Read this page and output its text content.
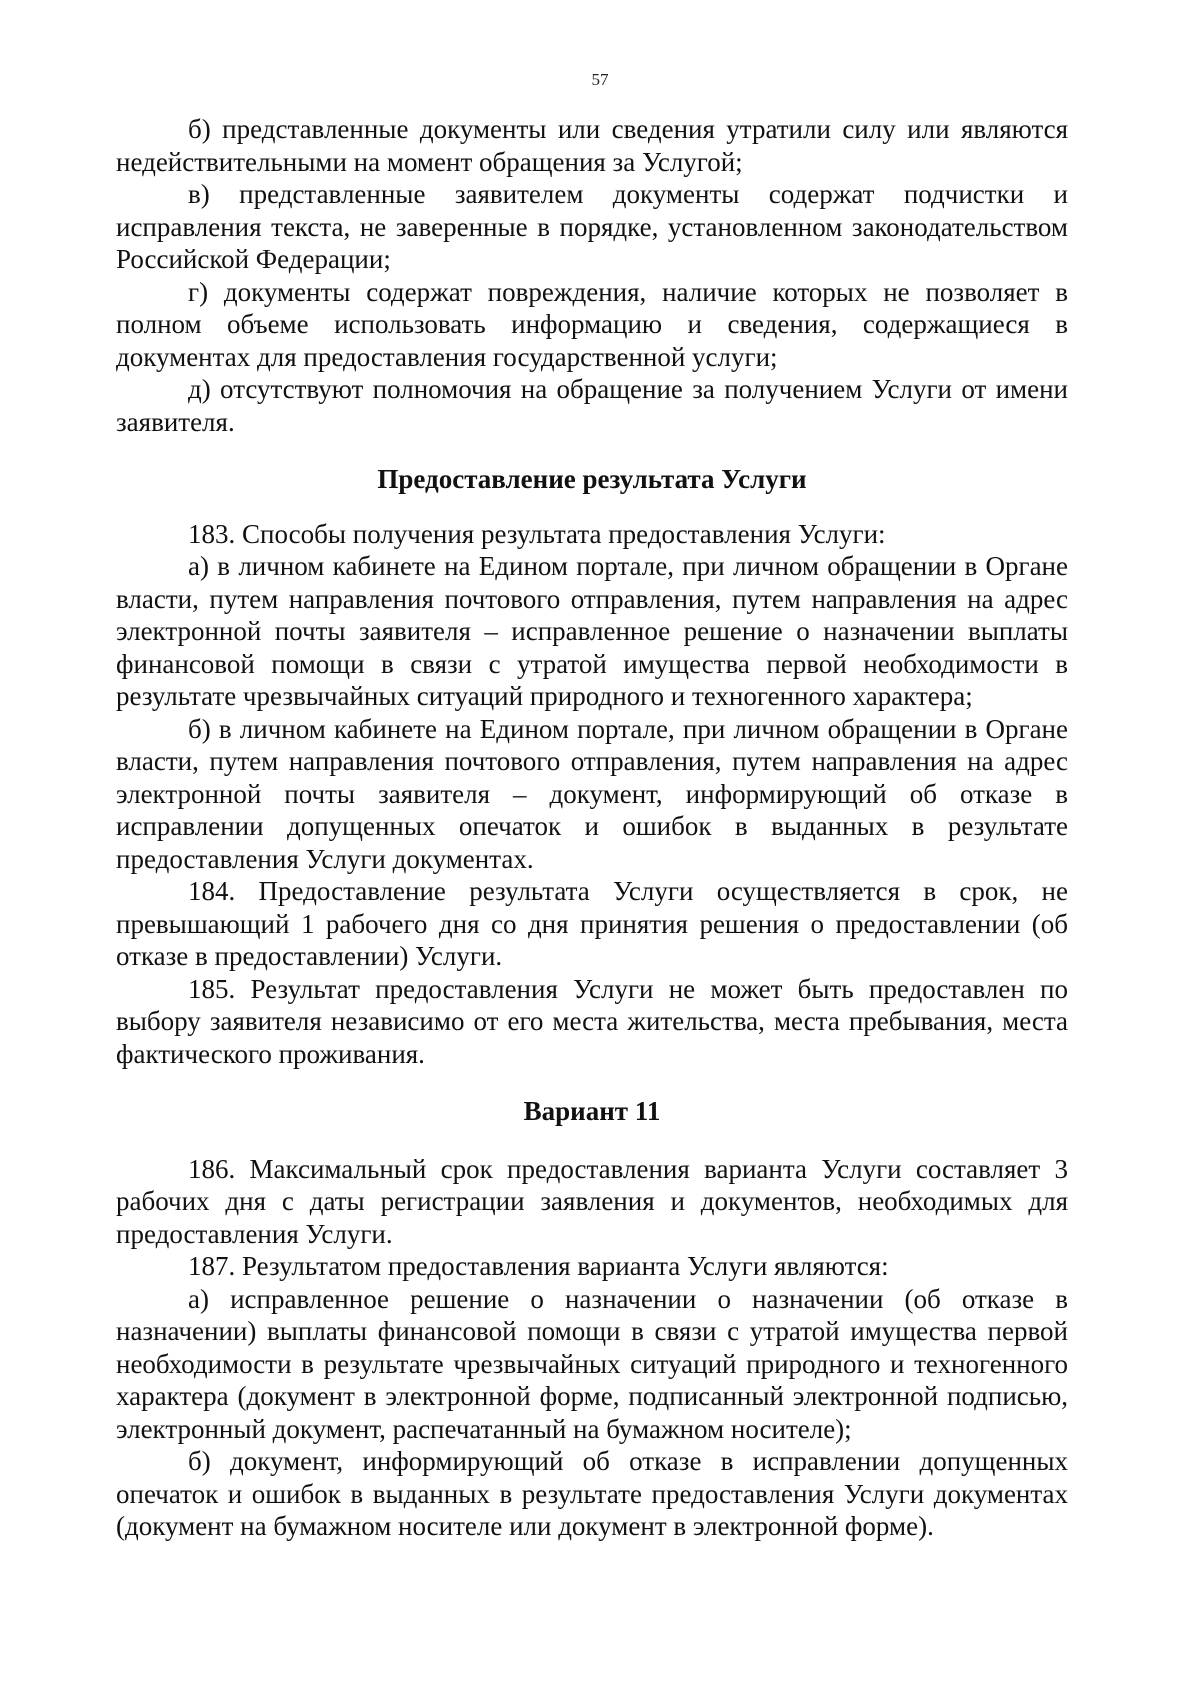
57

б) представленные документы или сведения утратили силу или являются недействительными на момент обращения за Услугой;

в) представленные заявителем документы содержат подчистки и исправления текста, не заверенные в порядке, установленном законодательством Российской Федерации;

г) документы содержат повреждения, наличие которых не позволяет в полном объеме использовать информацию и сведения, содержащиеся в документах для предоставления государственной услуги;

д) отсутствуют полномочия на обращение за получением Услуги от имени заявителя.

Предоставление результата Услуги

183. Способы получения результата предоставления Услуги:

а) в личном кабинете на Едином портале, при личном обращении в Органе власти, путем направления почтового отправления, путем направления на адрес электронной почты заявителя – исправленное решение о назначении выплаты финансовой помощи в связи с утратой имущества первой необходимости в результате чрезвычайных ситуаций природного и техногенного характера;

б) в личном кабинете на Едином портале, при личном обращении в Органе власти, путем направления почтового отправления, путем направления на адрес электронной почты заявителя – документ, информирующий об отказе в исправлении допущенных опечаток и ошибок в выданных в результате предоставления Услуги документах.

184. Предоставление результата Услуги осуществляется в срок, не превышающий 1 рабочего дня со дня принятия решения о предоставлении (об отказе в предоставлении) Услуги.

185. Результат предоставления Услуги не может быть предоставлен по выбору заявителя независимо от его места жительства, места пребывания, места фактического проживания.

Вариант 11

186. Максимальный срок предоставления варианта Услуги составляет 3 рабочих дня с даты регистрации заявления и документов, необходимых для предоставления Услуги.

187. Результатом предоставления варианта Услуги являются:

а) исправленное решение о назначении о назначении (об отказе в назначении) выплаты финансовой помощи в связи с утратой имущества первой необходимости в результате чрезвычайных ситуаций природного и техногенного характера (документ в электронной форме, подписанный электронной подписью, электронный документ, распечатанный на бумажном носителе);

б) документ, информирующий об отказе в исправлении допущенных опечаток и ошибок в выданных в результате предоставления Услуги документах (документ на бумажном носителе или документ в электронной форме).
